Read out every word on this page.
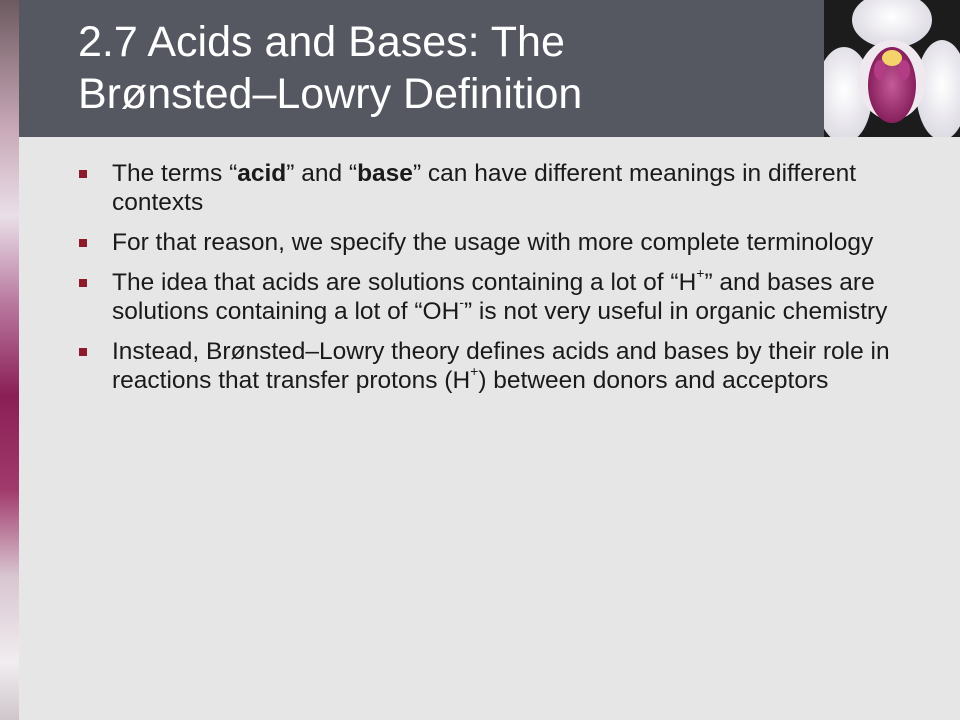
2.7 Acids and Bases: The
Brønsted–Lowry Definition
The terms “acid” and “base” can have different meanings in different contexts
For that reason, we specify the usage with more complete terminology
The idea that acids are solutions containing a lot of “H+” and bases are solutions containing a lot of “OH-” is not very useful in organic chemistry
Instead, Brønsted–Lowry theory defines acids and bases by their role in reactions that transfer protons (H+) between donors and acceptors
